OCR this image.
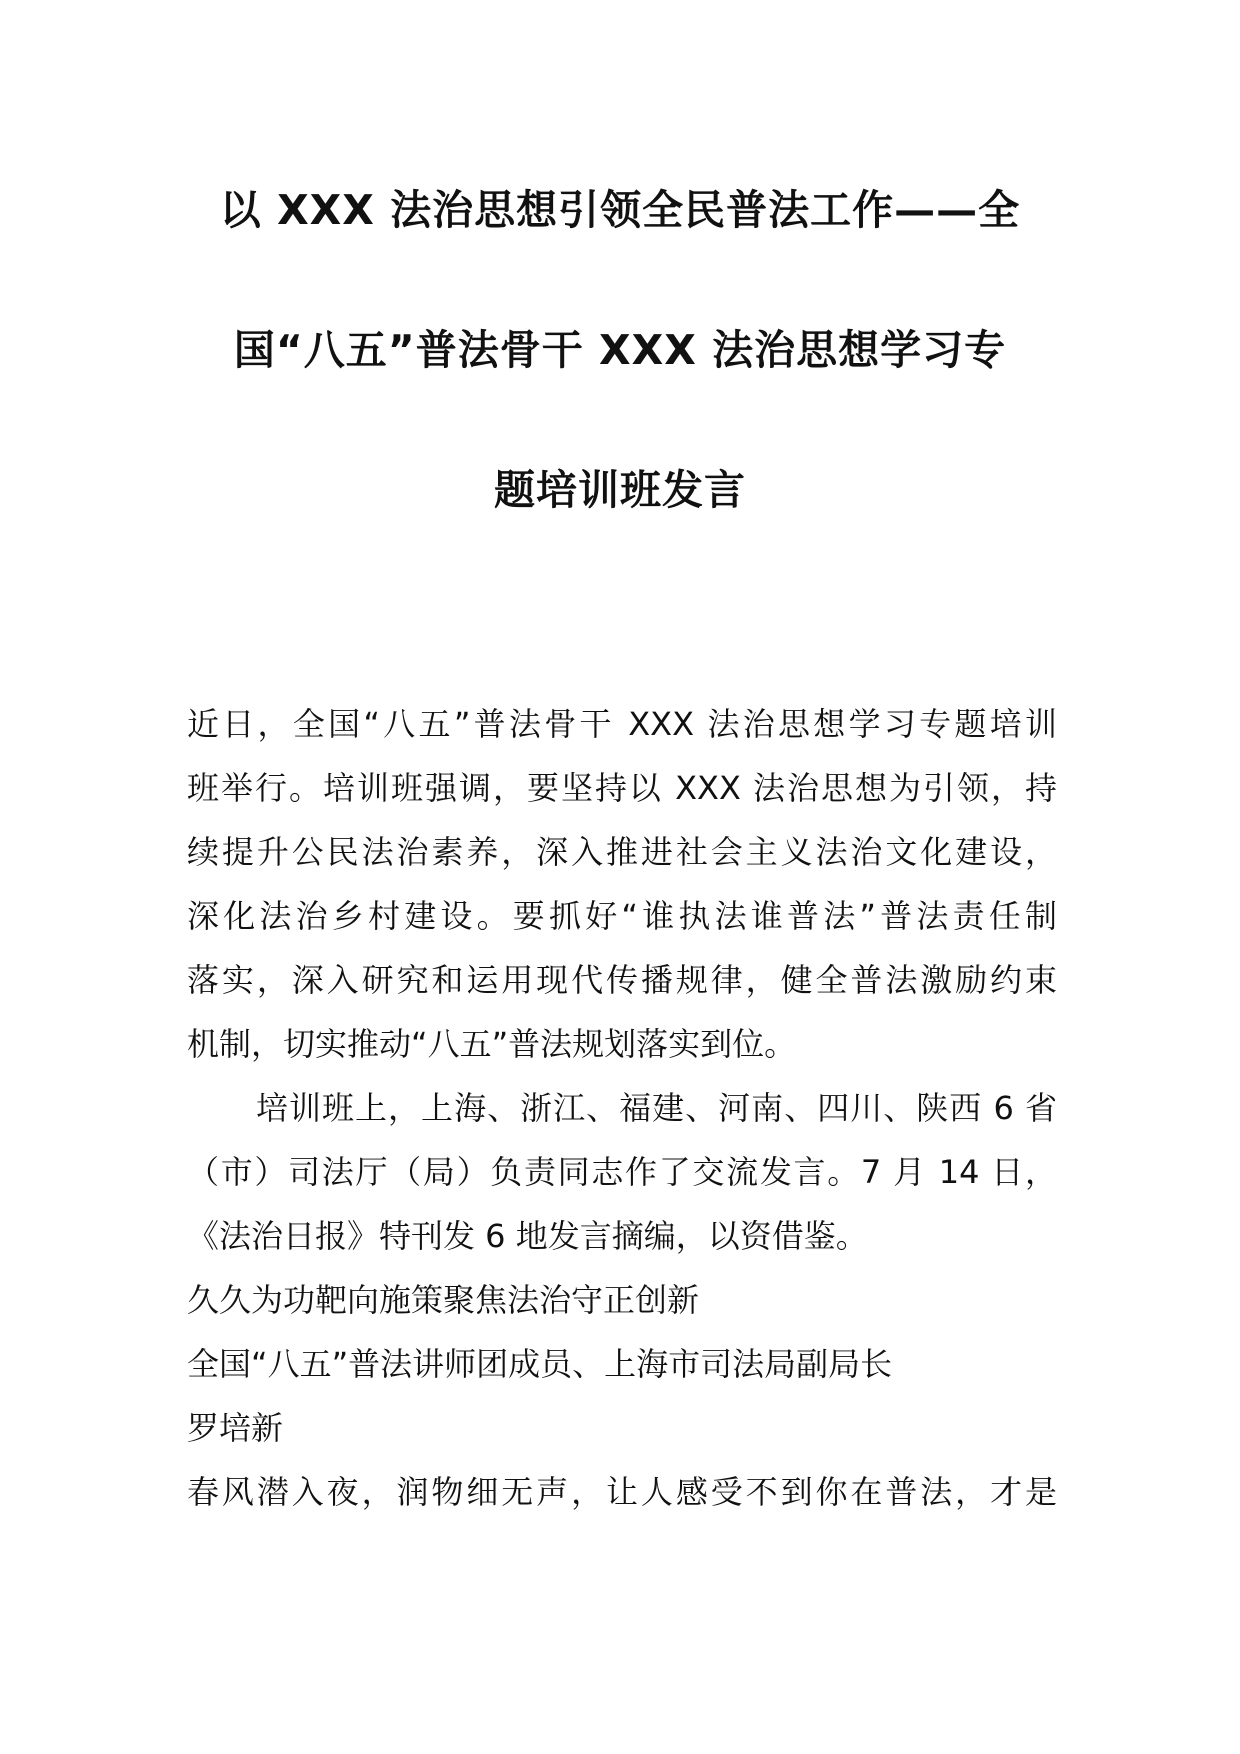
以 XXX 法治思想引领全民普法工作——全
国“八五”普法骨干 XXX 法治思想学习专
题培训班发言
近日，全国“八五”普法骨干 XXX 法治思想学习专题培训
班举行。培训班强调，要坚持以 XXX 法治思想为引领，持
续提升公民法治素养，深入推进社会主义法治文化建设，
深化法治乡村建设。要抓好“谁执法谁普法”普法责任制
落实，深入研究和运用现代传播规律，健全普法激励约束
机制，切实推动“八五”普法规划落实到位。
培训班上，上海、浙江、福建、河南、四川、陕西 6 省
（市）司法厅（局）负责同志作了交流发言。7 月 14 日，
《法治日报》特刊发 6 地发言摘编，以资借鉴。
久久为功靶向施策聚焦法治守正创新
全国“八五”普法讲师团成员、上海市司法局副局长
罗培新
春风潜入夜，润物细无声，让人感受不到你在普法，才是
